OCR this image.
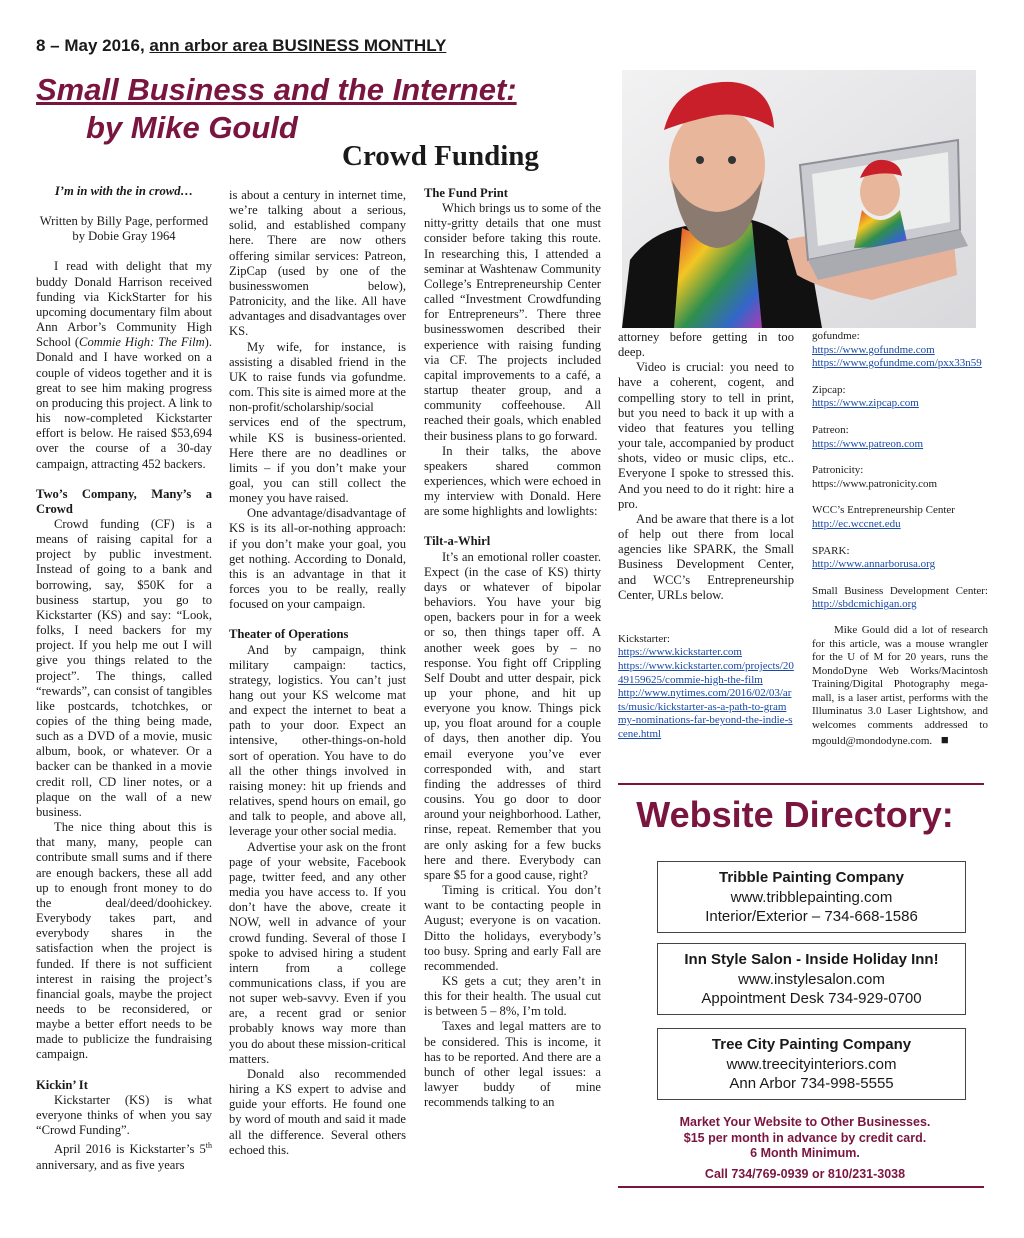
8 – May 2016, ann arbor area BUSINESS MONTHLY
Small Business and the Internet:
by Mike Gould
Crowd Funding

I’m in with the in crowd…

Written by Billy Page, performed by Dobie Gray 1964

I read with delight that my buddy Donald Harrison received funding via KickStarter for his upcoming documentary film about Ann Arbor’s Community High School (Commie High: The Film). Donald and I have worked on a couple of videos together and it is great to see him making progress on producing this project. A link to his now-completed Kickstarter effort is below. He raised $53,694 over the course of a 30-day campaign, attracting 452 backers.

Two’s Company, Many’s a Crowd

Crowd funding (CF) is a means of raising capital for a project by public investment. Instead of going to a bank and borrowing, say, $50K for a business startup, you go to Kickstarter (KS) and say: “Look, folks, I need backers for my project. If you help me out I will give you things related to the project”. The things, called “rewards”, can consist of tangibles like postcards, tchotchkes, or copies of the thing being made, such as a DVD of a movie, music album, book, or whatever. Or a backer can be thanked in a movie credit roll, CD liner notes, or a plaque on the wall of a new business.

The nice thing about this is that many, many, people can contribute small sums and if there are enough backers, these all add up to enough front money to do the deal/deed/doohickey. Everybody takes part, and everybody shares in the satisfaction when the project is funded. If there is not sufficient interest in raising the project’s financial goals, maybe the project needs to be reconsidered, or maybe a better effort needs to be made to publicize the fundraising campaign.

Kickin’ It

Kickstarter (KS) is what everyone thinks of when you say “Crowd Funding”.

April 2016 is Kickstarter’s 5th anniversary, and as five years

is about a century in internet time, we’re talking about a serious, solid, and established company here. There are now others offering similar services: Patreon, ZipCap (used by one of the businesswomen below), Patronicity, and the like. All have advantages and disadvantages over KS.

My wife, for instance, is assisting a disabled friend in the UK to raise funds via gofundme. com. This site is aimed more at the non-profit/scholarship/social services end of the spectrum, while KS is business-oriented. Here there are no deadlines or limits – if you don’t make your goal, you can still collect the money you have raised.

One advantage/disadvantage of KS is its all-or-nothing approach: if you don’t make your goal, you get nothing. According to Donald, this is an advantage in that it forces you to be really, really focused on your campaign.

Theater of Operations

And by campaign, think military campaign: tactics, strategy, logistics. You can’t just hang out your KS welcome mat and expect the internet to beat a path to your door. Expect an intensive, other-things-on-hold sort of operation. You have to do all the other things involved in raising money: hit up friends and relatives, spend hours on email, go and talk to people, and above all, leverage your other social media.

Advertise your ask on the front page of your website, Facebook page, twitter feed, and any other media you have access to. If you don’t have the above, create it NOW, well in advance of your crowd funding. Several of those I spoke to advised hiring a student intern from a college communications class, if you are not super web-savvy. Even if you are, a recent grad or senior probably knows way more than you do about these mission-critical matters.

Donald also recommended hiring a KS expert to advise and guide your efforts. He found one by word of mouth and said it made all the difference. Several others echoed this.

The Fund Print

Which brings us to some of the nitty-gritty details that one must consider before taking this route. In researching this, I attended a seminar at Washtenaw Community College’s Entrepreneurship Center called “Investment Crowdfunding for Entrepreneurs”. There three businesswomen described their experience with raising funding via CF. The projects included capital improvements to a café, a startup theater group, and a community coffeehouse. All reached their goals, which enabled their business plans to go forward.

In their talks, the above speakers shared common experiences, which were echoed in my interview with Donald. Here are some highlights and lowlights:

Tilt-a-Whirl

It’s an emotional roller coaster. Expect (in the case of KS) thirty days or whatever of bipolar behaviors. You have your big open, backers pour in for a week or so, then things taper off. A another week goes by – no response. You fight off Crippling Self Doubt and utter despair, pick up your phone, and hit up everyone you know. Things pick up, you float around for a couple of days, then another dip. You email everyone you’ve ever corresponded with, and start finding the addresses of third cousins. You go door to door around your neighborhood. Lather, rinse, repeat. Remember that you are only asking for a few bucks here and there. Everybody can spare $5 for a good cause, right?

Timing is critical. You don’t want to be contacting people in August; everyone is on vacation. Ditto the holidays, everybody’s too busy. Spring and early Fall are recommended.

KS gets a cut; they aren’t in this for their health. The usual cut is between 5 – 8%, I’m told.

Taxes and legal matters are to be considered. This is income, it has to be reported. And there are a bunch of other legal issues: a lawyer buddy of mine recommends talking to an

attorney before getting in too deep.

Video is crucial: you need to have a coherent, cogent, and compelling story to tell in print, but you need to back it up with a video that features you telling your tale, accompanied by product shots, video or music clips, etc.. Everyone I spoke to stressed this. And you need to do it right: hire a pro.

And be aware that there is a lot of help out there from local agencies like SPARK, the Small Business Development Center, and WCC’s Entrepreneurship Center, URLs below.

Kickstarter:
https://www.kickstarter.com
https://www.kickstarter.com/projects/2049159625/commie-high-the-film
http://www.nytimes.com/2016/02/03/arts/music/kickstarter-as-a-path-to-grammy-nominations-far-beyond-the-indie-scene.html
gofundme:
https://www.gofundme.com
https://www.gofundme.com/pxx33n59
Zipcap:
https://www.zipcap.com
Patreon:
https://www.patreon.com
Patronicity:
https://www.patronicity.com
WCC’s Entrepreneurship Center
http://ec.wccnet.edu
SPARK:
http://www.annarborusa.org
Small Business Development Center:
http://sbdcmichigan.org
Mike Gould did a lot of research for this article, was a mouse wrangler for the U of M for 20 years, runs the MondoDyne Web Works/Macintosh Training/Digital Photography mega-mall, is a laser artist, performs with the Illuminatus 3.0 Laser Lightshow, and welcomes comments addressed to mgould@mondodyne.com. ■
Website Directory:
Tribble Painting Company
www.tribblepainting.com
Interior/Exterior – 734-668-1586
Inn Style Salon - Inside Holiday Inn!
www.instylesalon.com
Appointment Desk 734-929-0700
Tree City Painting Company
www.treecityinteriors.com
Ann Arbor 734-998-5555
Market Your Website to Other Businesses.
$15 per month in advance by credit card.
6 Month Minimum.
Call 734/769-0939 or 810/231-3038
